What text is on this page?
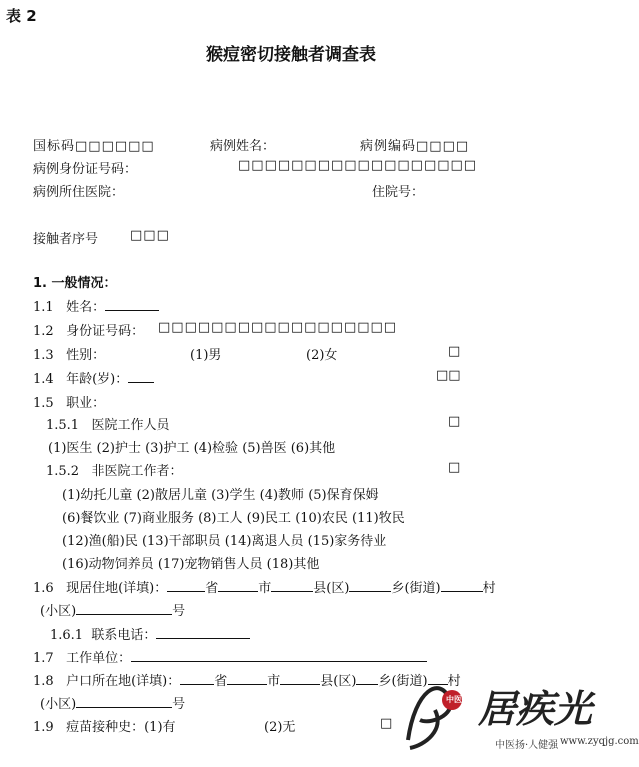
表 2
猴痘密切接触者调查表
国标码□□□□□□	病例姓名：	病例编码□□□□
病例身份证号码：	□□□□□□□□□□□□□□□□□□
病例所住医院：	住院号：
接触者序号 □□□
1. 一般情况：
1.1 姓名：
1.2 身份证号码： □□□□□□□□□□□□□□□□□□
1.3 性别：	(1)男	(2)女	□
1.4 年龄(岁)：	□□
1.5 职业：
1.5.1 医院工作人员	□
(1)医生 (2)护士 (3)护工 (4)检验 (5)兽医 (6)其他
1.5.2 非医院工作者：	□
(1)幼托儿童 (2)散居儿童 (3)学生 (4)教师 (5)保育保姆
(6)餐饮业 (7)商业服务 (8)工人 (9)民工 (10)农民 (11)牧民
(12)渔(船)民 (13)干部职员 (14)离退人员 (15)家务待业
(16)动物饲养员 (17)宠物销售人员 (18)其他
1.6 现居住地(详填)：	省	市	县(区)	乡(街道)	村
(小区)	号
1.6.1 联系电话：
1.7 工作单位：
1.8 户口所在地(详填)：	省	市	县(区) 乡(街道) 村
(小区)	号
1.9 痘苗接种史：(1)有	(2)无	□
中医 居疾光
中医扬·人健强 www.zyqjg.com
